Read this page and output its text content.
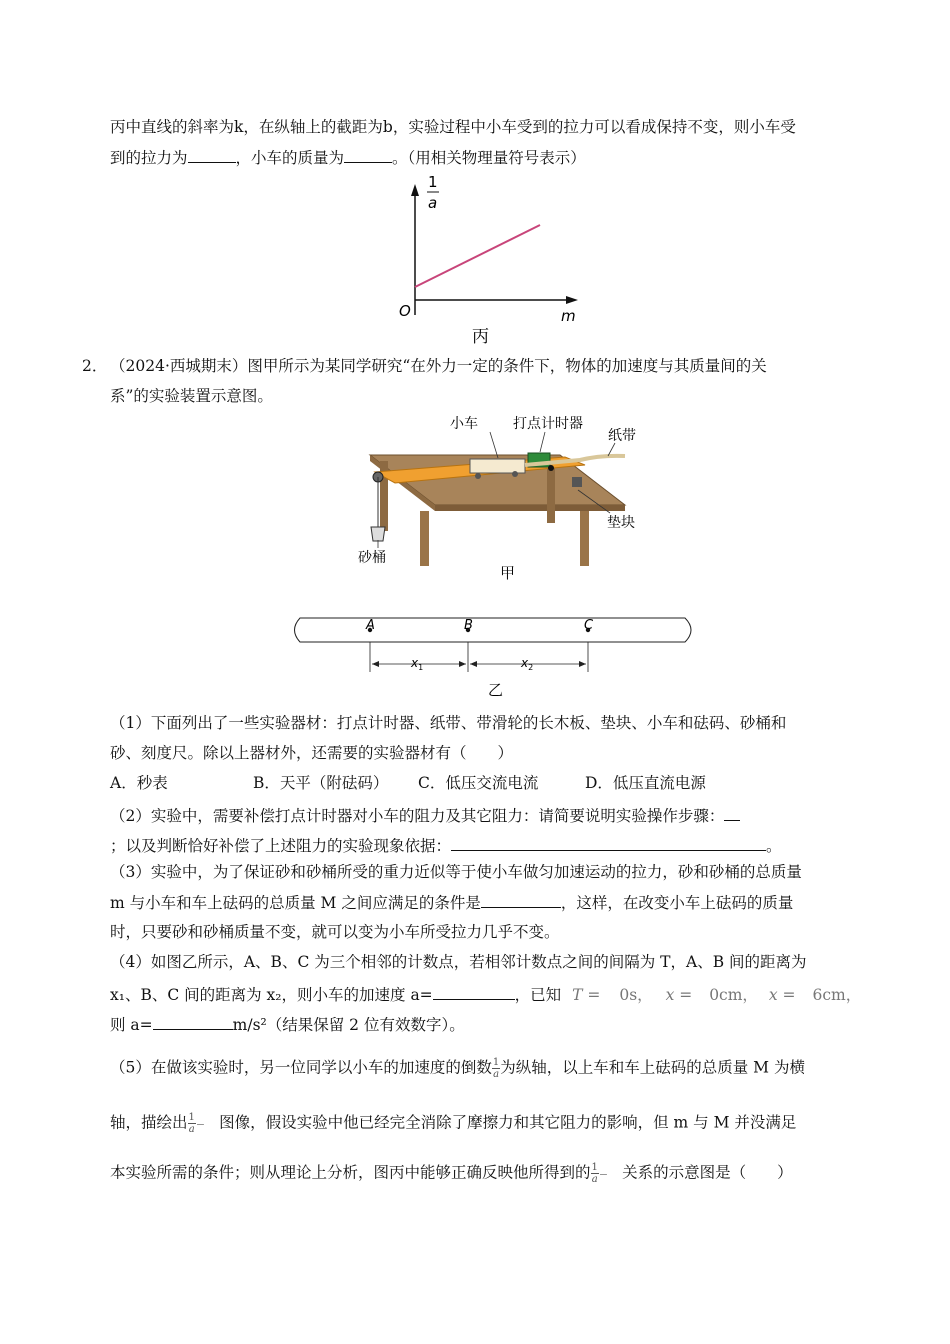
丙中直线的斜率为k，在纵轴上的截距为b，实验过程中小车受到的拉力可以看成保持不变，则小车受
到的拉力为	，小车的质量为	。（用相关物理量符号表示）
1
a
O	m
丙
2． （2024·西城期末）图甲所示为某同学研究“在外力一定的条件下，物体的加速度与其质量间的关
系”的实验装置示意图。
小车	打点计时器
纸带
垫块
砂桶
甲
A	B	C
$x_1$	$x_2$
乙
（1）下面列出了一些实验器材：打点计时器、纸带、带滑轮的长木板、垫块、小车和砝码、砂桶和
砂、刻度尺。除以上器材外，还需要的实验器材有（　　）
A．秒表	B．天平（附砝码） C．低压交流电流	D．低压直流电源
（2）实验中，需要补偿打点计时器对小车的阻力及其它阻力：请简要说明实验操作步骤：
；以及判断恰好补偿了上述阻力的实验现象依据：	。
（3）实验中，为了保证砂和砂桶所受的重力近似等于使小车做匀加速运动的拉力，砂和砂桶的总质量
m 与小车和车上砝码的总质量 M 之间应满足的条件是	，这样，在改变小车上砝码的质量
时，只要砂和砂桶质量不变，就可以变为小车所受拉力几乎不变。
（4）如图乙所示，A、B、C 为三个相邻的计数点，若相邻计数点之间的间隔为 T，A、B 间的距离为
x₁、B、C 间的距离为 x₂，则小车的加速度 a=	，已知 T = 0s， x = 0cm， x = 6cm，
则 a=	m/s²（结果保留 2 位有效数字）。
（5）在做该实验时，另一位同学以小车的加速度的倒数 $\frac{1}{a}$ 为纵轴，以上车和车上砝码的总质量 M 为横
轴，描绘出 $\frac{1}{a}$ − 图像，假设实验中他已经完全消除了摩擦力和其它阻力的影响，但 m 与 M 并没满足
本实验所需的条件；则从理论上分析，图丙中能够正确反映他所得到的 $\frac{1}{a}$ − 关系的示意图是（　　）
